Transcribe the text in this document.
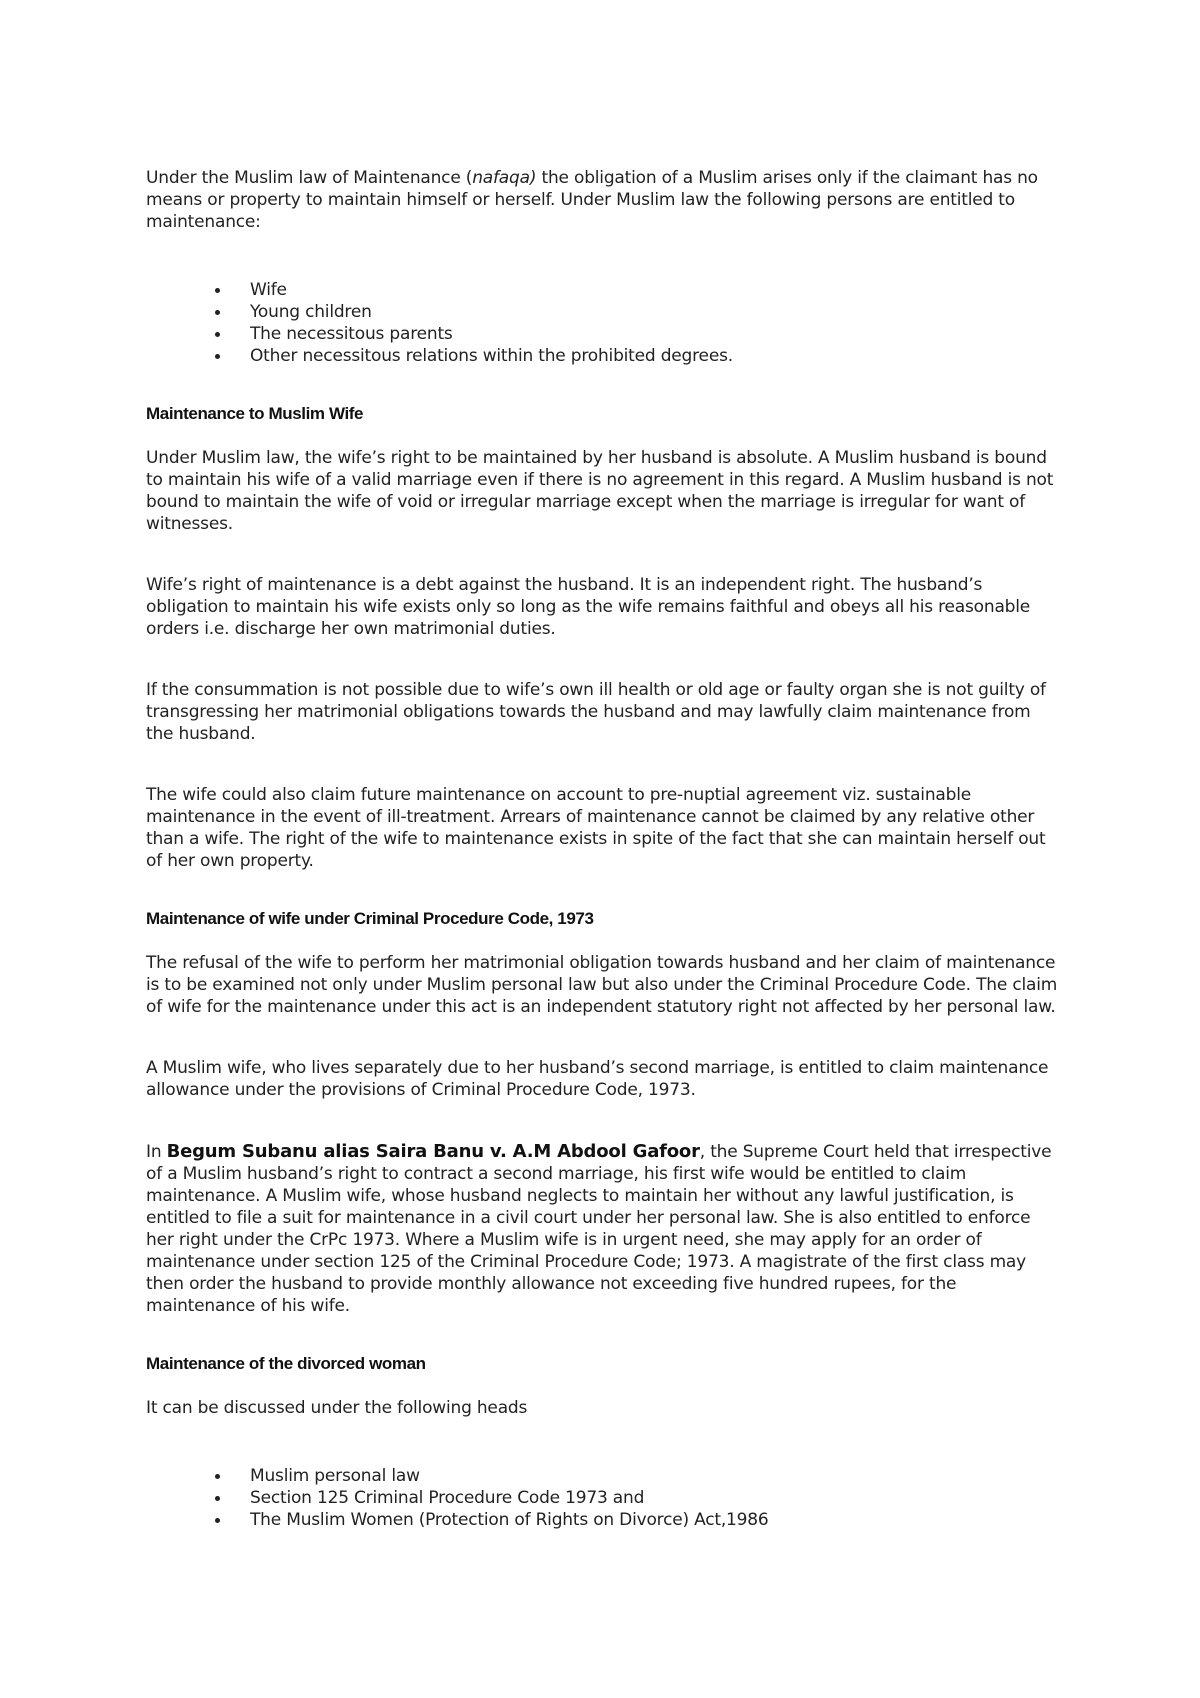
Under the Muslim law of Maintenance (nafaqa) the obligation of a Muslim arises only if the claimant has no means or property to maintain himself or herself. Under Muslim law the following persons are entitled to maintenance:

Wife
Young children
The necessitous parents
Other necessitous relations within the prohibited degrees.
Maintenance to Muslim Wife

Under Muslim law, the wife’s right to be maintained by her husband is absolute. A Muslim husband is bound to maintain his wife of a valid marriage even if there is no agreement in this regard. A Muslim husband is not bound to maintain the wife of void or irregular marriage except when the marriage is irregular for want of witnesses.

Wife’s right of maintenance is a debt against the husband. It is an independent right. The husband’s obligation to maintain his wife exists only so long as the wife remains faithful and obeys all his reasonable orders i.e. discharge her own matrimonial duties.

If the consummation is not possible due to wife’s own ill health or old age or faulty organ she is not guilty of transgressing her matrimonial obligations towards the husband and may lawfully claim maintenance from the husband.

The wife could also claim future maintenance on account to pre-nuptial agreement viz. sustainable maintenance in the event of ill-treatment. Arrears of maintenance cannot be claimed by any relative other than a wife. The right of the wife to maintenance exists in spite of the fact that she can maintain herself out of her own property.

Maintenance of wife under Criminal Procedure Code, 1973

The refusal of the wife to perform her matrimonial obligation towards husband and her claim of maintenance is to be examined not only under Muslim personal law but also under the Criminal Procedure Code. The claim of wife for the maintenance under this act is an independent statutory right not affected by her personal law.

A Muslim wife, who lives separately due to her husband’s second marriage, is entitled to claim maintenance allowance under the provisions of Criminal Procedure Code, 1973.

In Begum Subanu alias Saira Banu v. A.M Abdool Gafoor, the Supreme Court held that irrespective of a Muslim husband’s right to contract a second marriage, his first wife would be entitled to claim maintenance. A Muslim wife, whose husband neglects to maintain her without any lawful justification, is entitled to file a suit for maintenance in a civil court under her personal law. She is also entitled to enforce her right under the CrPc 1973. Where a Muslim wife is in urgent need, she may apply for an order of maintenance under section 125 of the Criminal Procedure Code; 1973. A magistrate of the first class may then order the husband to provide monthly allowance not exceeding five hundred rupees, for the maintenance of his wife.

Maintenance of the divorced woman

It can be discussed under the following heads

Muslim personal law
Section 125 Criminal Procedure Code 1973 and
The Muslim Women (Protection of Rights on Divorce) Act,1986
